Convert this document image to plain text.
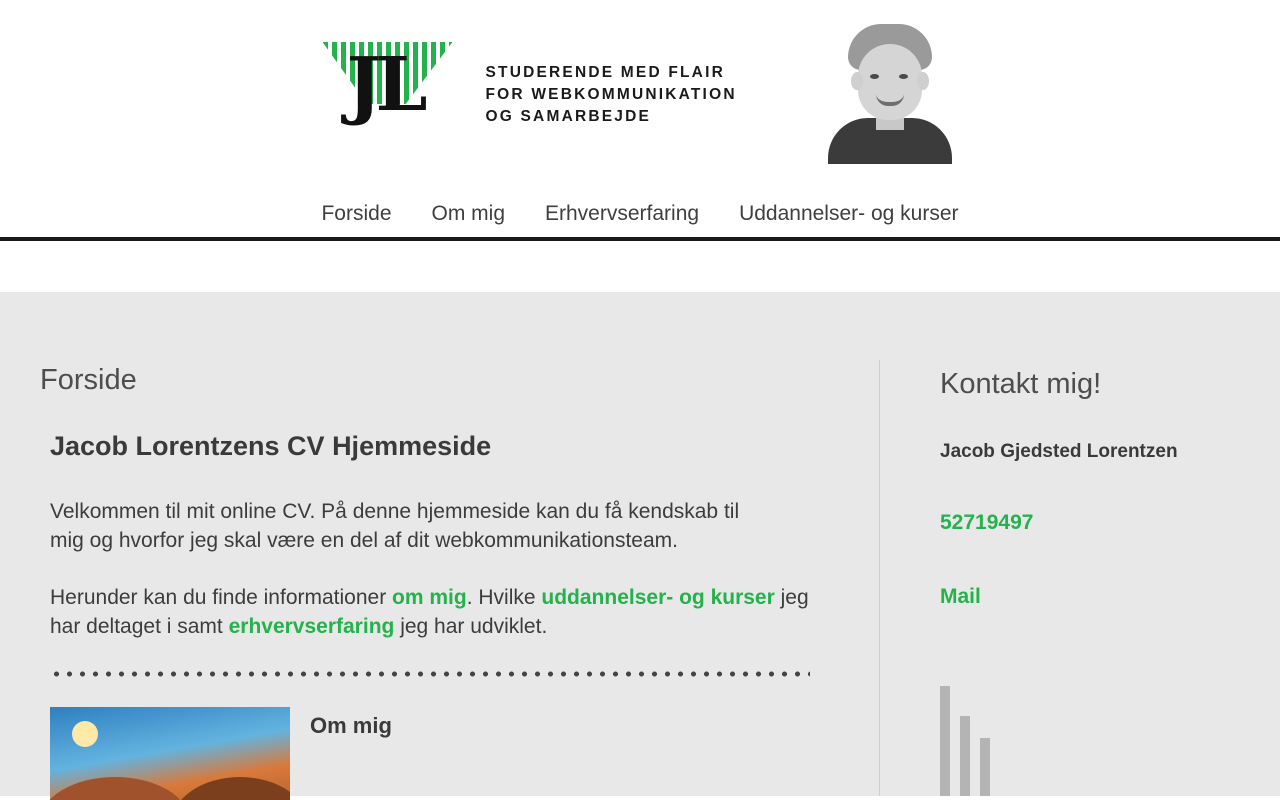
JL	STUDERENDE MED FLAIR
FOR WEBKOMMUNIKATION
OG SAMARBEJDE
Forside Om mig Erhvervserfaring Uddannelser- og kurser
Forside
Jacob Lorentzens CV Hjemmeside

Velkommen til mit online CV. På denne hjemmeside kan du få kendskab til mig og hvorfor jeg skal være en del af dit webkommunikationsteam.

Herunder kan du finde informationer om mig. Hvilke uddannelser- og kurser jeg har deltaget i samt erhvervserfaring jeg har udviklet.

Om mig
Kontakt mig!

Jacob Gjedsted Lorentzen

52719497
Mail
